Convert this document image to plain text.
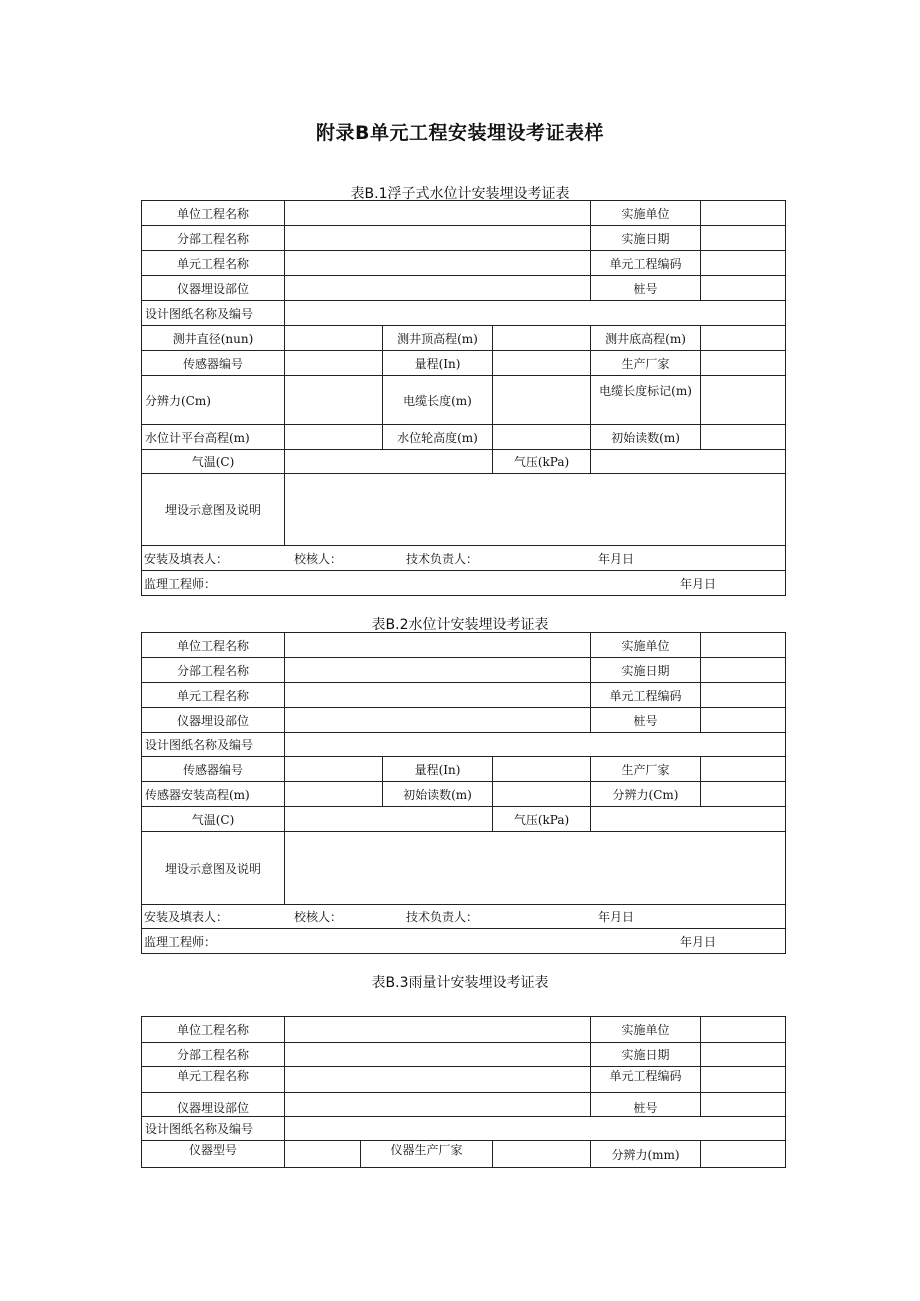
附录B单元工程安装埋设考证表样
表B.1浮子式水位计安装埋设考证表
单位工程名称				实施单位	
分部工程名称				实施日期	
单元工程名称				单元工程编码	
仪器埋设部位				桩号	
设计图纸名称及编号					
测井直径(nun)		测井顶高程(m)		测井底高程(m)	
传感器编号		量程(In)		生产厂家	
分辨力(Cm)		电缆长度(m)		电缆长度标记(m)	
水位计平台高程(m)		水位轮高度(m)		初始读数(m)	
气温(C)			气压(kPa)		
埋设示意图及说明					

安装及填表人： 校核人： 技术负责人： 年月日					

监理工程师： 年月日					
表B.2水位计安装埋设考证表
单位工程名称				实施单位	
分部工程名称				实施日期	
单元工程名称				单元工程编码	
仪器埋设部位				桩号	
设计图纸名称及编号					
传感器编号		量程(In)		生产厂家	
传感器安装高程(m)		初始读数(m)		分辨力(Cm)	
气温(C)			气压(kPa)		
埋设示意图及说明					

安装及填表人： 校核人： 技术负责人： 年月日					

监理工程师： 年月日					
表B.3雨量计安装埋设考证表
单位工程名称				实施单位	
分部工程名称				实施日期	
单元工程名称				单元工程编码	
仪器埋设部位				桩号	
设计图纸名称及编号					
仪器型号		仪器生产厂家		分辨力(mm)	
